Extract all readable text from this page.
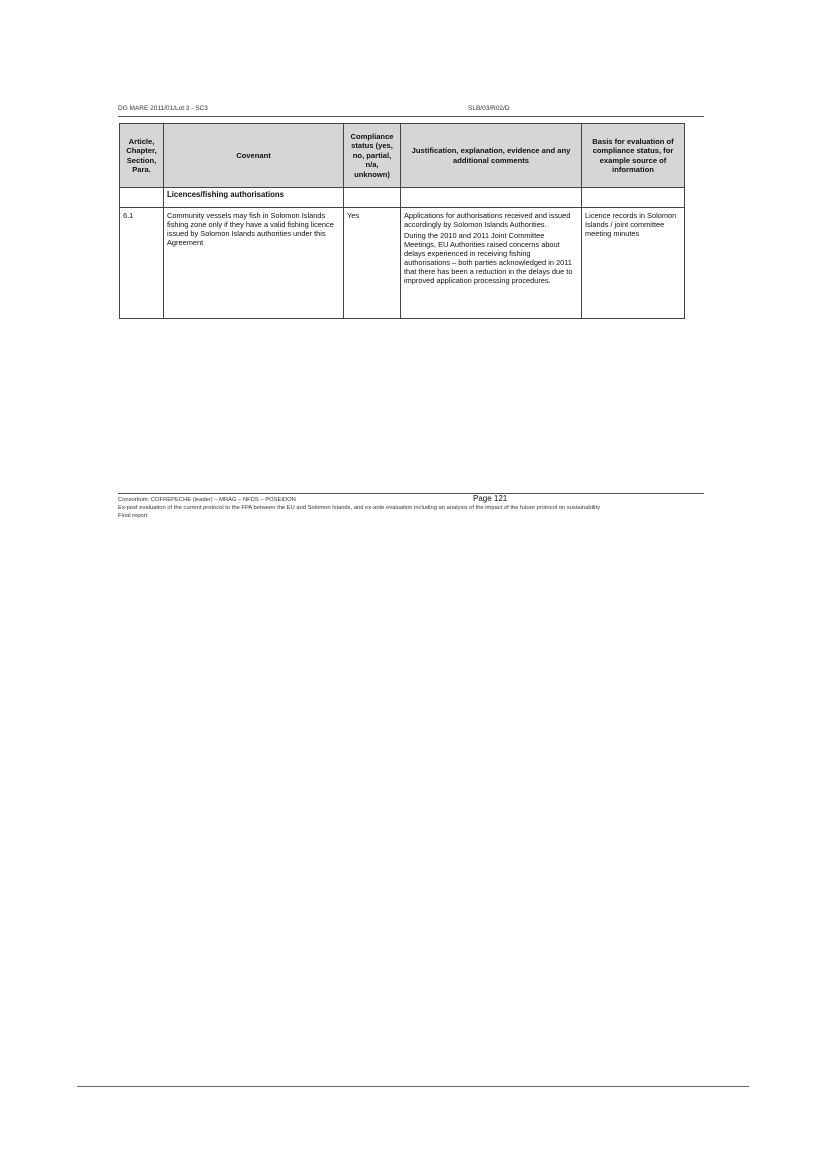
DG MARE 2011/01/Lot 3 - SC3	SLB/03/R02/D
Article, Chapter, Section, Para.	Covenant	Compliance status (yes, no, partial, n/a, unknown)	Justification, explanation, evidence and any additional comments	Basis for evaluation of compliance status, for example source of information
	Licences/fishing authorisations			
6.1	Community vessels may fish in Solomon Islands fishing zone only if they have a valid fishing licence issued by Solomon Islands authorities under this Agreement	Yes	Applications for authorisations received and issued accordingly by Solomon Islands Authorities.

During the 2010 and 2011 Joint Committee Meetings, EU Authorities raised concerns about delays experienced in receiving fishing authorisations – both parties acknowledged in 2011 that there has been a reduction in the delays due to improved application processing procedures.	Licence records in Solomon Islands / joint committee meeting minutes
Consortium: COFREPECHE (leader) – MRAG – NFDS – POSEIDON	Page 121
Ex-post evaluation of the current protocol to the FPA between the EU and Solomon Islands, and ex-ante evaluation including an analysis of the impact of the future protocol on sustainability
Final report
